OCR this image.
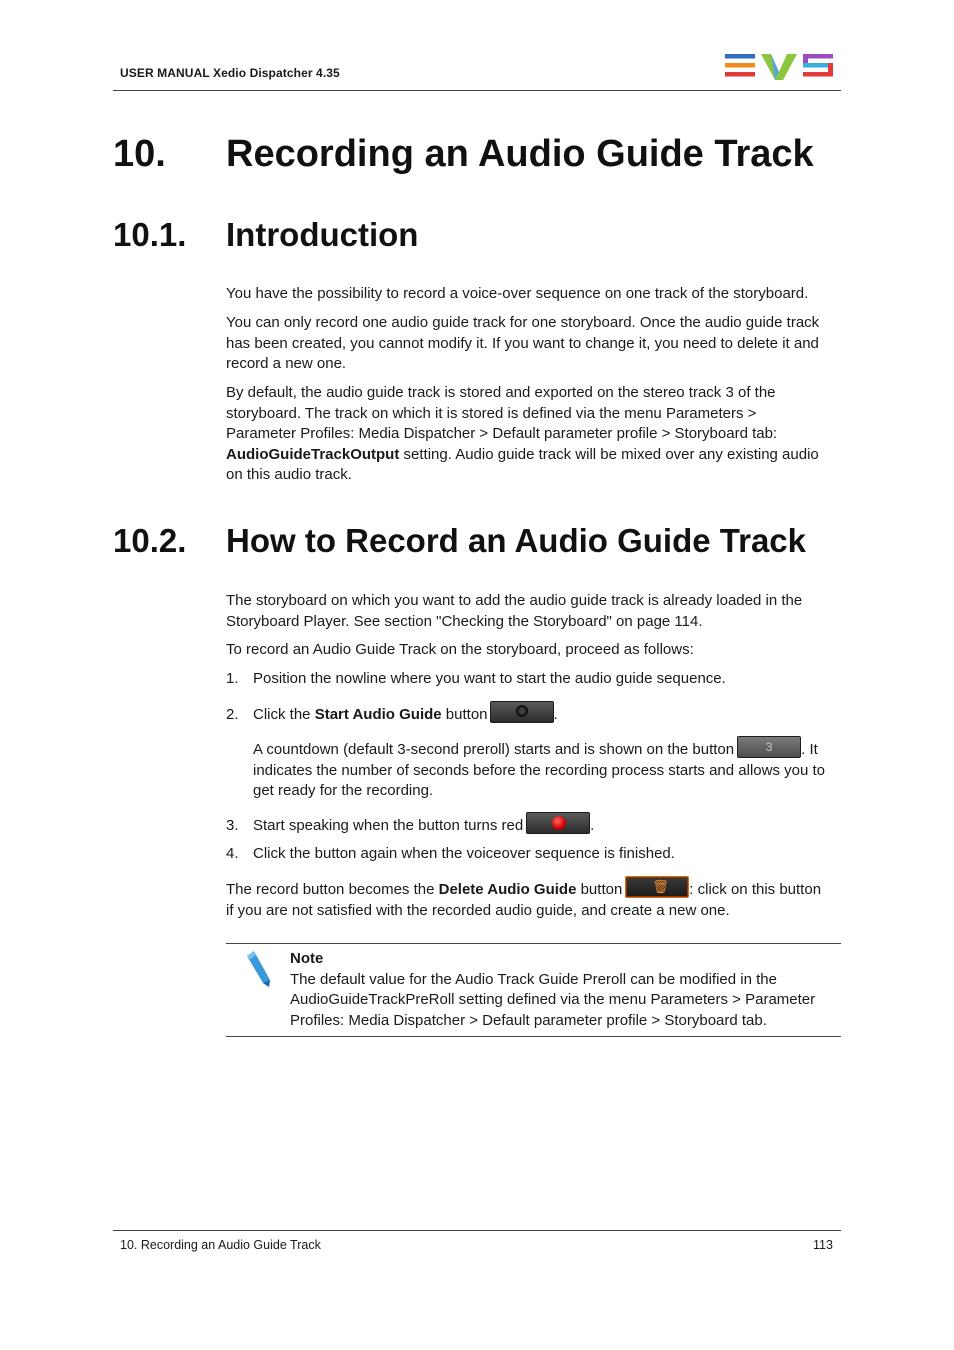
USER MANUAL Xedio Dispatcher 4.35
10. Recording an Audio Guide Track
10.1. Introduction
You have the possibility to record a voice-over sequence on one track of the storyboard.
You can only record one audio guide track for one storyboard. Once the audio guide track
has been created, you cannot modify it. If you want to change it, you need to delete it and
record a new one.
By default, the audio guide track is stored and exported on the stereo track 3 of the
storyboard. The track on which it is stored is defined via the menu Parameters >
Parameter Profiles: Media Dispatcher > Default parameter profile > Storyboard tab:
AudioGuideTrackOutput setting. Audio guide track will be mixed over any existing audio
on this audio track.
10.2. How to Record an Audio Guide Track
The storyboard on which you want to add the audio guide track is already loaded in the
Storyboard Player. See section "Checking the Storyboard" on page 114.
To record an Audio Guide Track on the storyboard, proceed as follows:
1. Position the nowline where you want to start the audio guide sequence.
2. Click the Start Audio Guide button	.
A countdown (default 3-second preroll) starts and is shown on the button	3	. It
indicates the number of seconds before the recording process starts and allows you to
get ready for the recording.
3. Start speaking when the button turns red	.
4. Click the button again when the voiceover sequence is finished.
The record button becomes the Delete Audio Guide button 🗑 : click on this button
if you are not satisfied with the recorded audio guide, and create a new one.
Note
The default value for the Audio Track Guide Preroll can be modified in the
AudioGuideTrackPreRoll setting defined via the menu Parameters > Parameter
Profiles: Media Dispatcher > Default parameter profile > Storyboard tab.
10. Recording an Audio Guide Track	113
